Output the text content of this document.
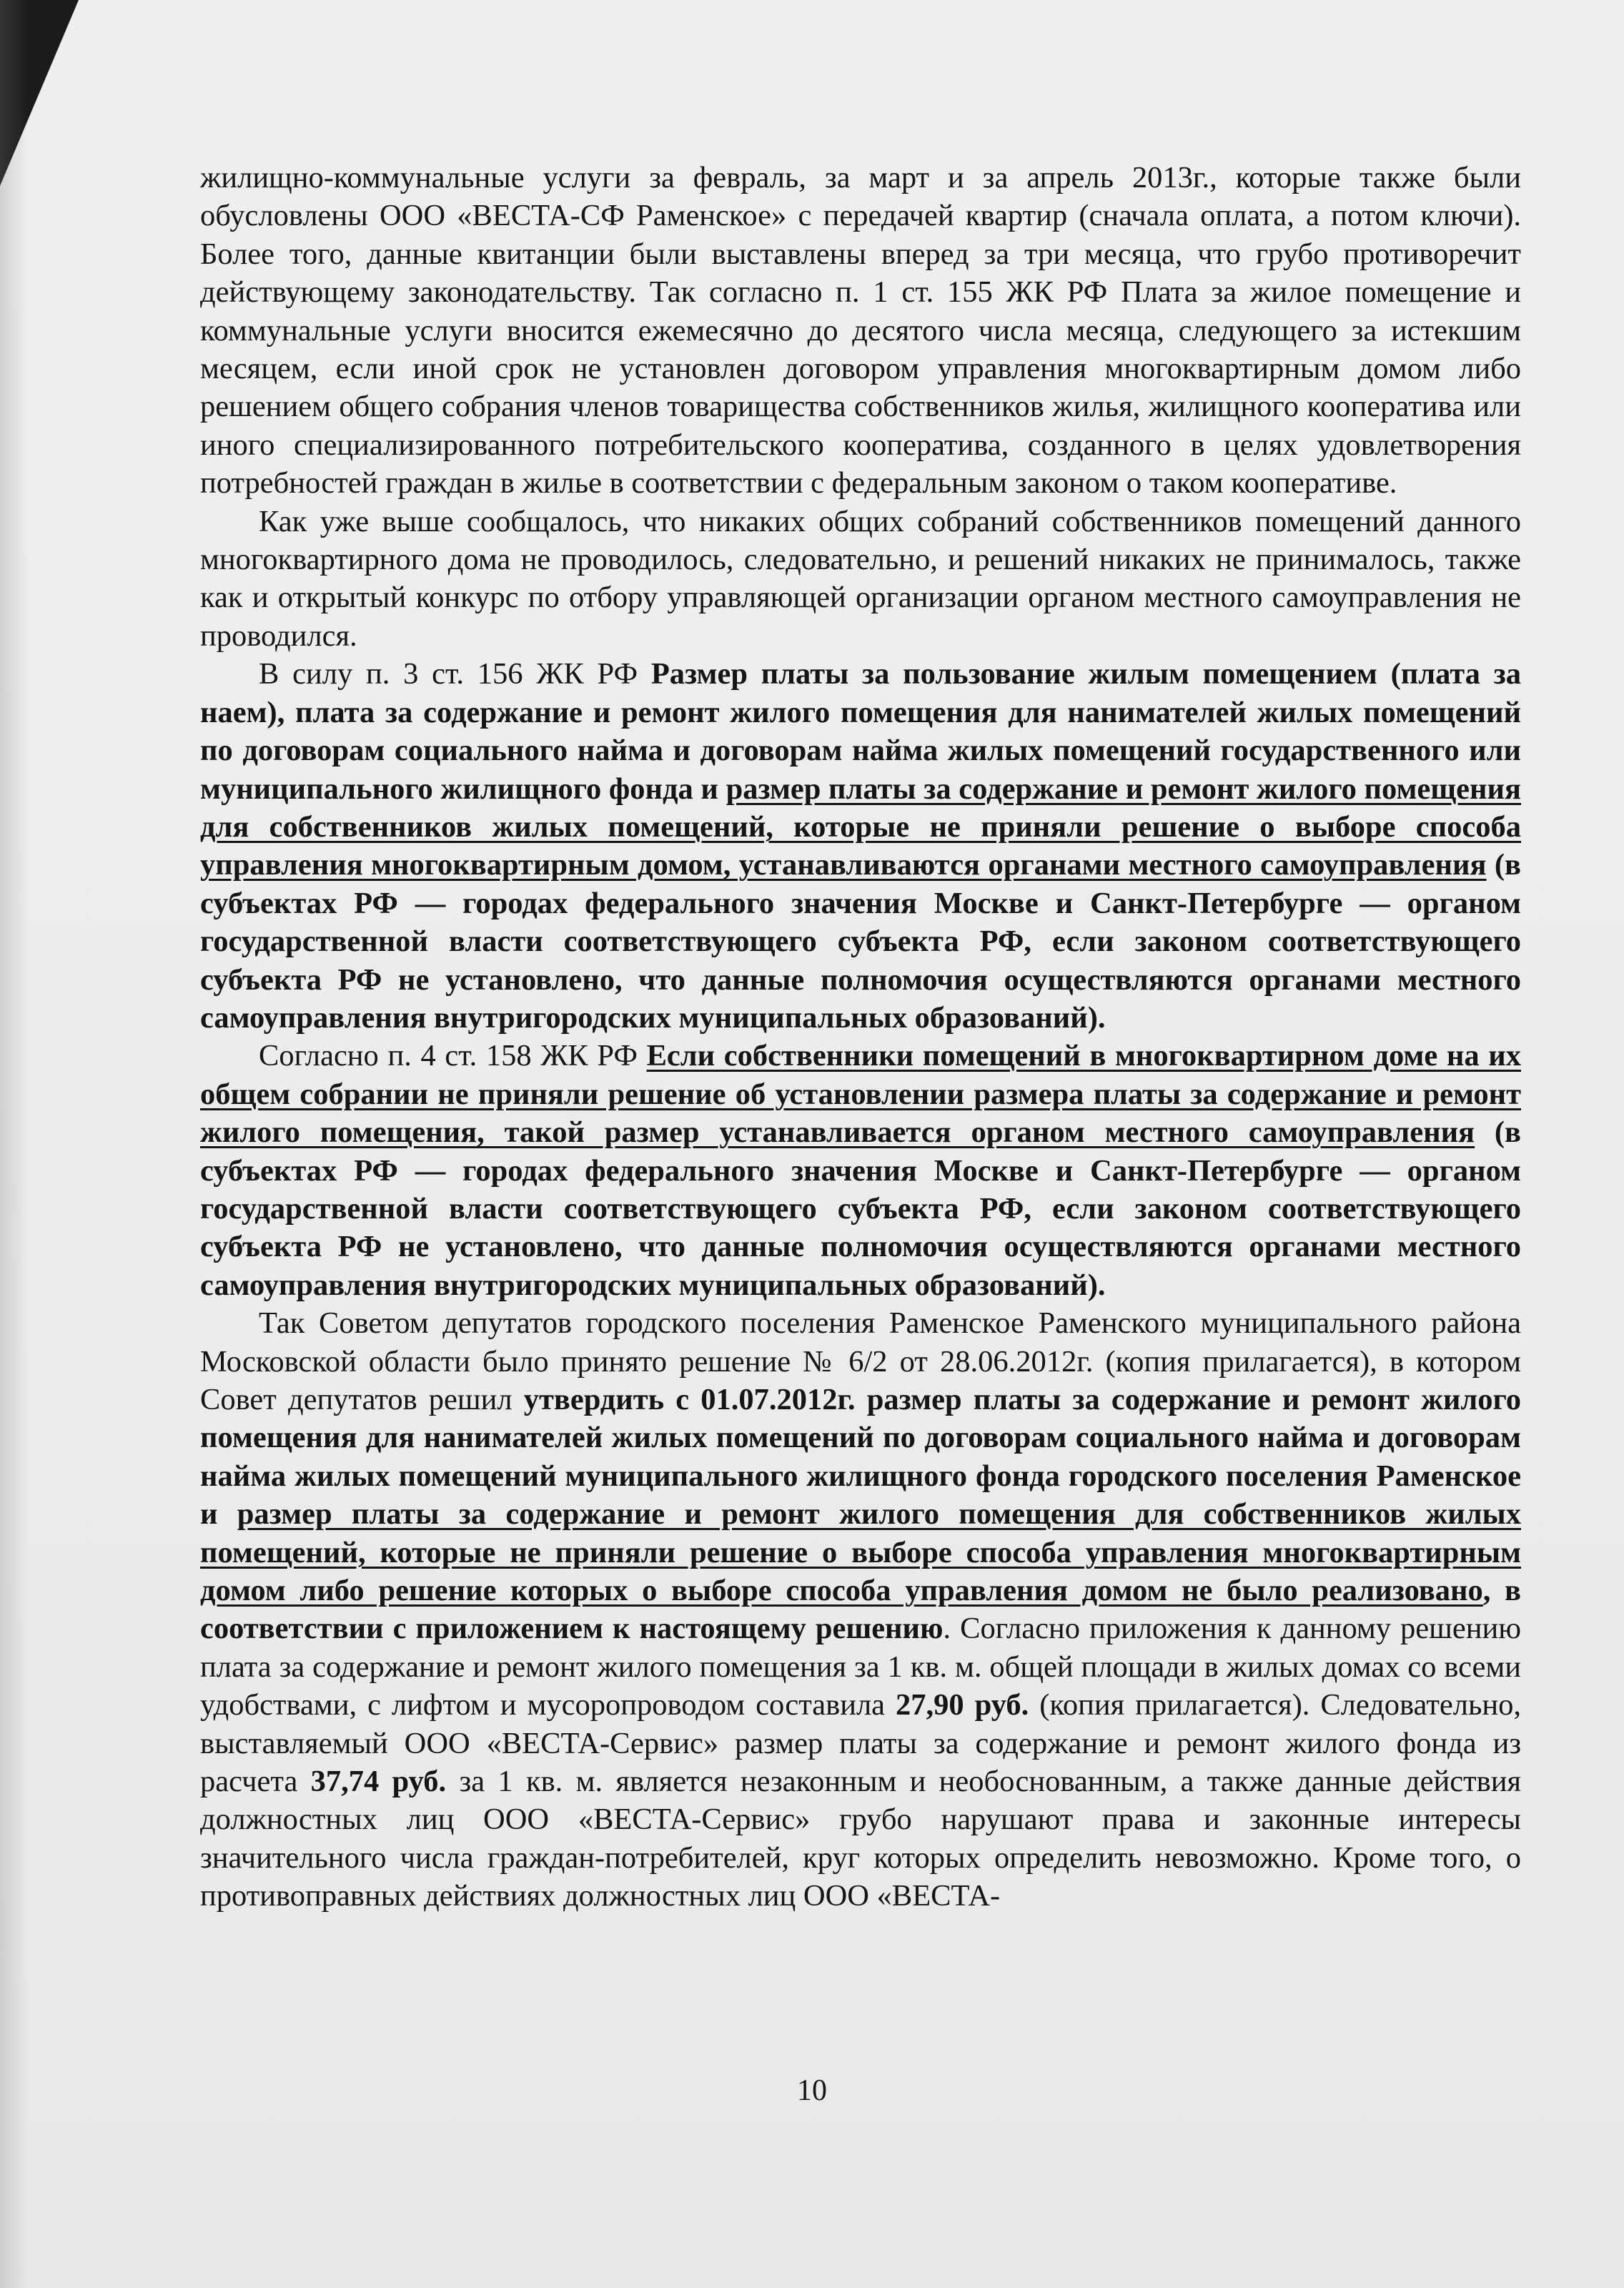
жилищно-коммунальные услуги за февраль, за март и за апрель 2013г., которые также были обусловлены ООО «ВЕСТА-СФ Раменское» с передачей квартир (сначала оплата, а потом ключи). Более того, данные квитанции были выставлены вперед за три месяца, что грубо противоречит действующему законодательству. Так согласно п. 1 ст. 155 ЖК РФ Плата за жилое помещение и коммунальные услуги вносится ежемесячно до десятого числа месяца, следующего за истекшим месяцем, если иной срок не установлен договором управления многоквартирным домом либо решением общего собрания членов товарищества собственников жилья, жилищного кооператива или иного специализированного потребительского кооператива, созданного в целях удовлетворения потребностей граждан в жилье в соответствии с федеральным законом о таком кооперативе.

Как уже выше сообщалось, что никаких общих собраний собственников помещений данного многоквартирного дома не проводилось, следовательно, и решений никаких не принималось, также как и открытый конкурс по отбору управляющей организации органом местного самоуправления не проводился.

В силу п. 3 ст. 156 ЖК РФ Размер платы за пользование жилым помещением (плата за наем), плата за содержание и ремонт жилого помещения для нанимателей жилых помещений по договорам социального найма и договорам найма жилых помещений государственного или муниципального жилищного фонда и размер платы за содержание и ремонт жилого помещения для собственников жилых помещений, которые не приняли решение о выборе способа управления многоквартирным домом, устанавливаются органами местного самоуправления (в субъектах РФ — городах федерального значения Москве и Санкт-Петербурге — органом государственной власти соответствующего субъекта РФ, если законом соответствующего субъекта РФ не установлено, что данные полномочия осуществляются органами местного самоуправления внутригородских муниципальных образований).

Согласно п. 4 ст. 158 ЖК РФ Если собственники помещений в многоквартирном доме на их общем собрании не приняли решение об установлении размера платы за содержание и ремонт жилого помещения, такой размер устанавливается органом местного самоуправления (в субъектах РФ — городах федерального значения Москве и Санкт-Петербурге — органом государственной власти соответствующего субъекта РФ, если законом соответствующего субъекта РФ не установлено, что данные полномочия осуществляются органами местного самоуправления внутригородских муниципальных образований).

Так Советом депутатов городского поселения Раменское Раменского муниципального района Московской области было принято решение № 6/2 от 28.06.2012г. (копия прилагается), в котором Совет депутатов решил утвердить с 01.07.2012г. размер платы за содержание и ремонт жилого помещения для нанимателей жилых помещений по договорам социального найма и договорам найма жилых помещений муниципального жилищного фонда городского поселения Раменское и размер платы за содержание и ремонт жилого помещения для собственников жилых помещений, которые не приняли решение о выборе способа управления многоквартирным домом либо решение которых о выборе способа управления домом не было реализовано, в соответствии с приложением к настоящему решению. Согласно приложения к данному решению плата за содержание и ремонт жилого помещения за 1 кв. м. общей площади в жилых домах со всеми удобствами, с лифтом и мусоропроводом составила 27,90 руб. (копия прилагается). Следовательно, выставляемый ООО «ВЕСТА-Сервис» размер платы за содержание и ремонт жилого фонда из расчета 37,74 руб. за 1 кв. м. является незаконным и необоснованным, а также данные действия должностных лиц ООО «ВЕСТА-Сервис» грубо нарушают права и законные интересы значительного числа граждан-потребителей, круг которых определить невозможно. Кроме того, о противоправных действиях должностных лиц ООО «ВЕСТА-

10
